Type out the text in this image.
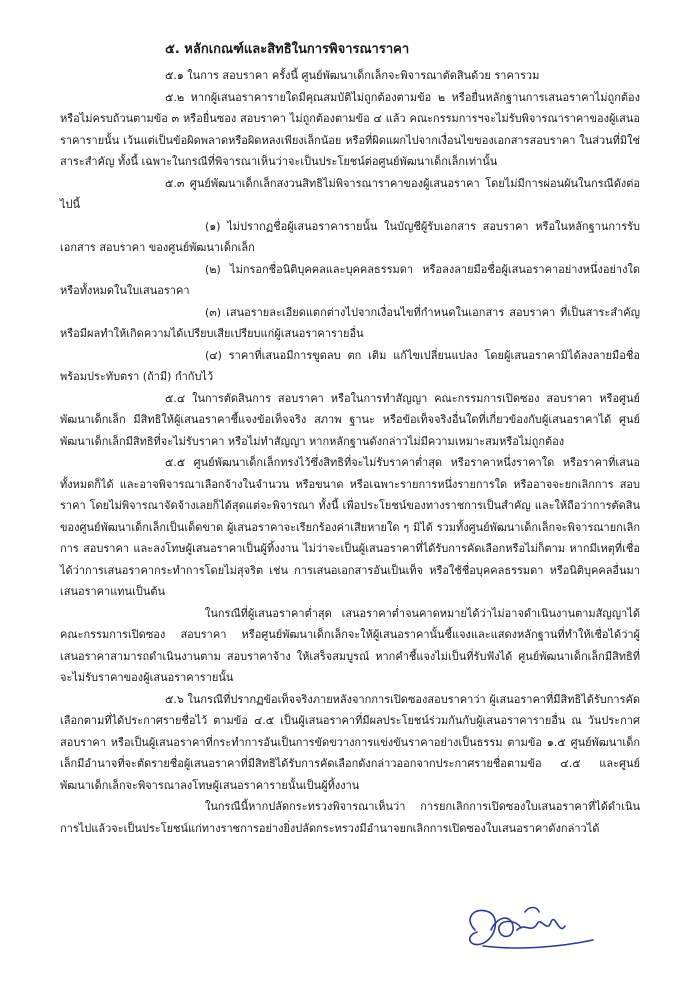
๕. หลักเกณฑ์และสิทธิในการพิจารณาราคา

๕.๑ ในการ สอบราคา ครั้งนี้ ศูนย์พัฒนาเด็กเล็กจะพิจารณาตัดสินด้วย ราคารวม

๕.๒ หากผู้เสนอราคารายใดมีคุณสมบัติไม่ถูกต้องตามข้อ ๒ หรือยื่นหลักฐานการเสนอราคาไม่ถูกต้องหรือไม่ครบถ้วนตามข้อ ๓ หรือยื่นซอง สอบราคา ไม่ถูกต้องตามข้อ ๔ แล้ว คณะกรรมการฯจะไม่รับพิจารณาราคาของผู้เสนอราคารายนั้น เว้นแต่เป็นข้อผิดพลาดหรือผิดหลงเพียงเล็กน้อย หรือที่ผิดแผกไปจากเงื่อนไขของเอกสารสอบราคา ในส่วนที่มิใช่สาระสำคัญ ทั้งนี้ เฉพาะในกรณีที่พิจารณาเห็นว่าจะเป็นประโยชน์ต่อศูนย์พัฒนาเด็กเล็กเท่านั้น

๕.๓ ศูนย์พัฒนาเด็กเล็กสงวนสิทธิไม่พิจารณาราคาของผู้เสนอราคา โดยไม่มีการผ่อนผันในกรณีดังต่อไปนี้

(๑) ไม่ปรากฏชื่อผู้เสนอราคารายนั้น ในบัญชีผู้รับเอกสาร สอบราคา หรือในหลักฐานการรับเอกสาร สอบราคา ของศูนย์พัฒนาเด็กเล็ก

(๒) ไม่กรอกชื่อนิติบุคคลและบุคคลธรรมดา หรือลงลายมือชื่อผู้เสนอราคาอย่างหนึ่งอย่างใด หรือทั้งหมดในใบเสนอราคา

(๓) เสนอรายละเอียดแตกต่างไปจากเงื่อนไขที่กำหนดในเอกสาร สอบราคา ที่เป็นสาระสำคัญ หรือมีผลทำให้เกิดความได้เปรียบเสียเปรียบแก่ผู้เสนอราคารายอื่น

(๔) ราคาที่เสนอมีการขูดลบ ตก เติม แก้ไขเปลี่ยนแปลง โดยผู้เสนอราคามิได้ลงลายมือชื่อพร้อมประทับตรา (ถ้ามี) กำกับไว้

๕.๔ ในการตัดสินการ สอบราคา หรือในการทำสัญญา คณะกรรมการเปิดซอง สอบราคา หรือศูนย์พัฒนาเด็กเล็ก มีสิทธิให้ผู้เสนอราคาชี้แจงข้อเท็จจริง สภาพ ฐานะ หรือข้อเท็จจริงอื่นใดที่เกี่ยวข้องกับผู้เสนอราคาได้ ศูนย์พัฒนาเด็กเล็กมีสิทธิที่จะไม่รับราคา หรือไม่ทำสัญญา หากหลักฐานดังกล่าวไม่มีความเหมาะสมหรือไม่ถูกต้อง

๕.๕ ศูนย์พัฒนาเด็กเล็กทรงไว้ซึ่งสิทธิที่จะไม่รับราคาต่ำสุด หรือราคาหนึ่งราคาใด หรือราคาที่เสนอทั้งหมดก็ได้ และอาจพิจารณาเลือกจ้างในจำนวน หรือขนาด หรือเฉพาะรายการหนึ่งรายการใด หรืออาจจะยกเลิกการ สอบราคา โดยไม่พิจารณาจัดจ้างเลยก็ได้สุดแต่จะพิจารณา ทั้งนี้ เพื่อประโยชน์ของทางราชการเป็นสำคัญ และให้ถือว่าการตัดสินของศูนย์พัฒนาเด็กเล็กเป็นเด็ดขาด ผู้เสนอราคาจะเรียกร้องค่าเสียหายใด ๆ มิได้ รวมทั้งศูนย์พัฒนาเด็กเล็กจะพิจารณายกเลิกการ สอบราคา และลงโทษผู้เสนอราคาเป็นผู้ทิ้งงาน ไม่ว่าจะเป็นผู้เสนอราคาที่ได้รับการคัดเลือกหรือไม่ก็ตาม หากมีเหตุที่เชื่อได้ว่าการเสนอราคากระทำการโดยไม่สุจริต เช่น การเสนอเอกสารอันเป็นเท็จ หรือใช้ชื่อบุคคลธรรมดา หรือนิติบุคคลอื่นมาเสนอราคาแทนเป็นต้น

ในกรณีที่ผู้เสนอราคาต่ำสุด เสนอราคาต่ำจนคาดหมายได้ว่าไม่อาจดำเนินงานตามสัญญาได้ คณะกรรมการเปิดซอง สอบราคา หรือศูนย์พัฒนาเด็กเล็กจะให้ผู้เสนอราคานั้นชี้แจงและแสดงหลักฐานที่ทำให้เชื่อได้ว่าผู้เสนอราคาสามารถดำเนินงานตาม สอบราคาจ้าง ให้เสร็จสมบูรณ์ หากคำชี้แจงไม่เป็นที่รับฟังได้ ศูนย์พัฒนาเด็กเล็กมีสิทธิที่จะไม่รับราคาของผู้เสนอราคารายนั้น

๕.๖ ในกรณีที่ปรากฏข้อเท็จจริงภายหลังจากการเปิดซองสอบราคาว่า ผู้เสนอราคาที่มีสิทธิได้รับการคัดเลือกตามที่ได้ประกาศรายชื่อไว้ ตามข้อ ๔.๕ เป็นผู้เสนอราคาที่มีผลประโยชน์ร่วมกันกับผู้เสนอราคารายอื่น ณ วันประกาศ สอบราคา หรือเป็นผู้เสนอราคาที่กระทำการอันเป็นการขัดขวางการแข่งขันราคาอย่างเป็นธรรม ตามข้อ ๑.๕ ศูนย์พัฒนาเด็กเล็กมีอำนาจที่จะตัดรายชื่อผู้เสนอราคาที่มีสิทธิได้รับการคัดเลือกดังกล่าวออกจากประกาศรายชื่อตามข้อ ๔.๕ และศูนย์พัฒนาเด็กเล็กจะพิจารณาลงโทษผู้เสนอราคารายนั้นเป็นผู้ทิ้งงาน

ในกรณีนี้หากปลัดกระทรวงพิจารณาเห็นว่า การยกเลิกการเปิดซองใบเสนอราคาที่ได้ดำเนินการไปแล้วจะเป็นประโยชน์แก่ทางราชการอย่างยิ่งปลัดกระทรวงมีอำนาจยกเลิกการเปิดซองใบเสนอราคาดังกล่าวได้
